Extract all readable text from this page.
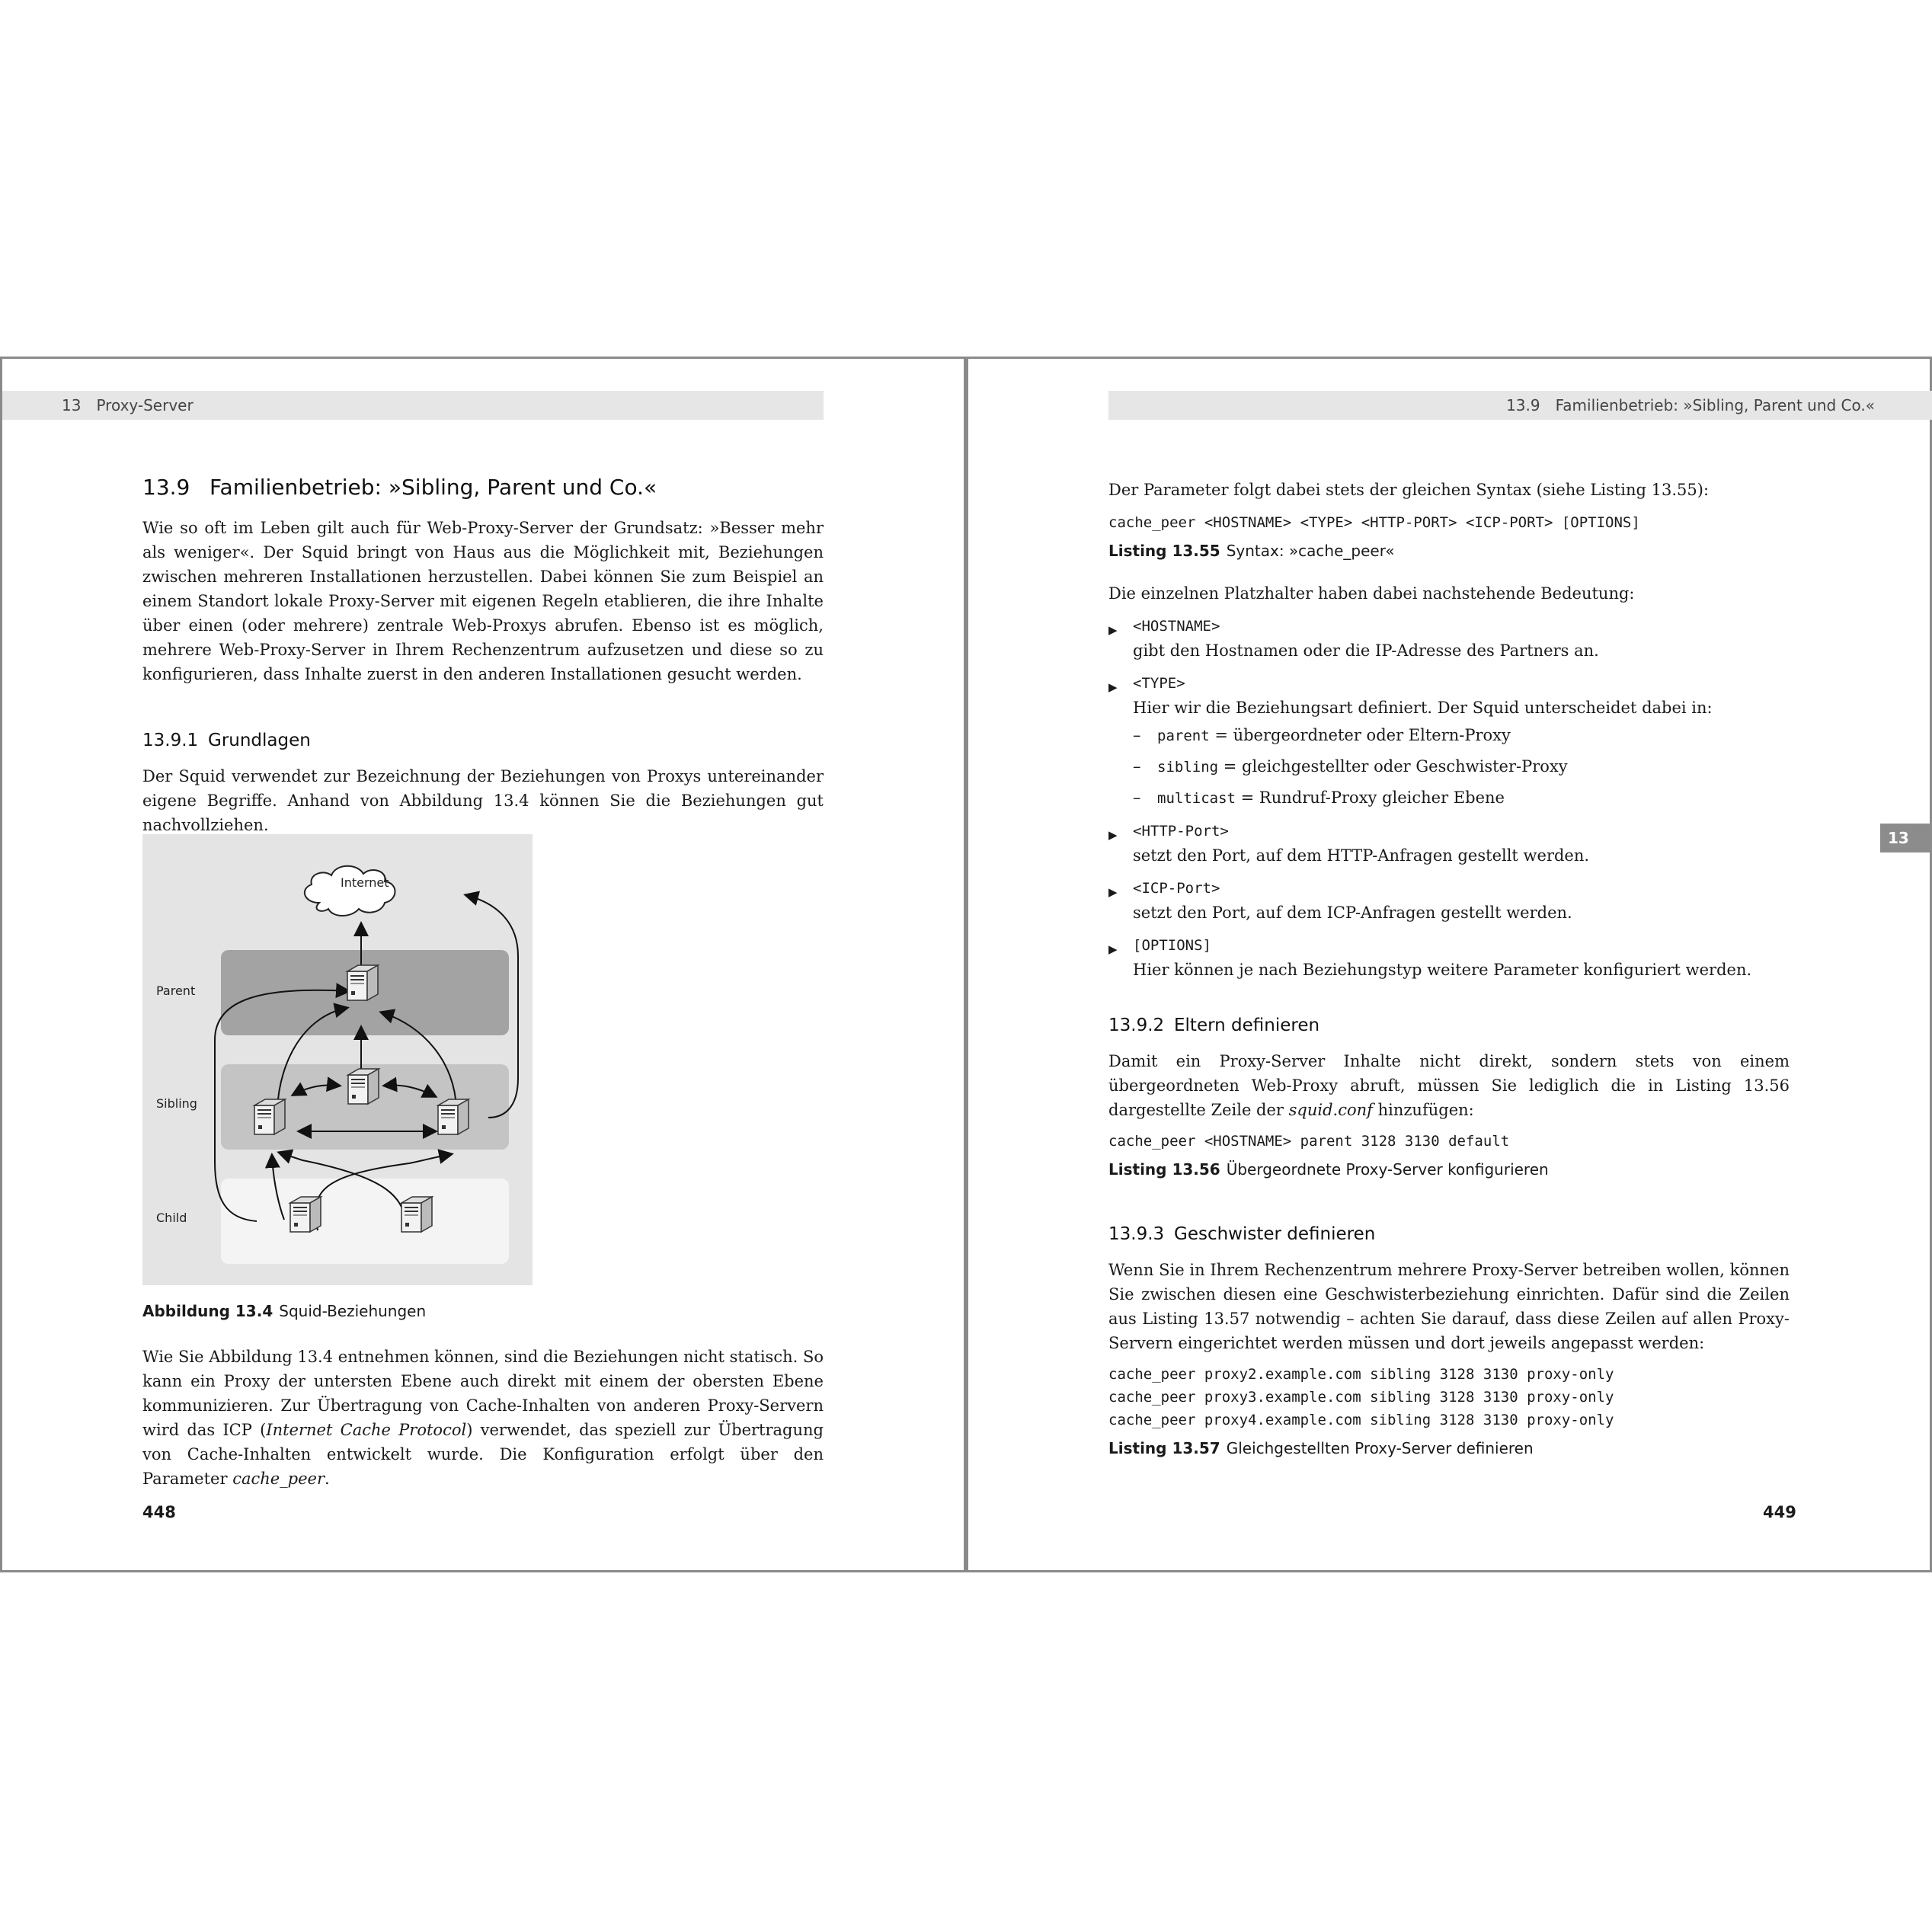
13 Proxy-Server
13.9 Familienbetrieb: »Sibling, Parent und Co.«

Wie so oft im Leben gilt auch für Web-Proxy-Server der Grundsatz: »Besser mehr als weniger«. Der Squid bringt von Haus aus die Möglichkeit mit, Beziehungen zwischen mehreren Installationen herzustellen. Dabei können Sie zum Beispiel an einem Standort lokale Proxy-Server mit eigenen Regeln etablieren, die ihre Inhalte über einen (oder mehrere) zentrale Web-Proxys abrufen. Ebenso ist es möglich, mehrere Web-Proxy-Server in Ihrem Rechenzentrum aufzusetzen und diese so zu konfigurieren, dass Inhalte zuerst in den anderen Installationen gesucht werden.

13.9.1 Grundlagen

Der Squid verwendet zur Bezeichnung der Beziehungen von Proxys untereinander eigene Begriffe. Anhand von Abbildung 13.4 können Sie die Beziehungen gut nachvollziehen.

Internet
Parent
Sibling
Child
Abbildung 13.4 Squid-Beziehungen

Wie Sie Abbildung 13.4 entnehmen können, sind die Beziehungen nicht statisch. So kann ein Proxy der untersten Ebene auch direkt mit einem der obersten Ebene kommunizieren. Zur Übertragung von Cache-Inhalten von anderen Proxy-Servern wird das ICP (Internet Cache Protocol) verwendet, das speziell zur Übertragung von Cache-Inhalten entwickelt wurde. Die Konfiguration erfolgt über den Parameter cache_peer.

448
13.9 Familienbetrieb: »Sibling, Parent und Co.«

Der Parameter folgt dabei stets der gleichen Syntax (siehe Listing 13.55):

cache_peer <HOSTNAME> <TYPE> <HTTP-PORT> <ICP-PORT> [OPTIONS]
Listing 13.55 Syntax: »cache_peer«

Die einzelnen Platzhalter haben dabei nachstehende Bedeutung:

▶ <HOSTNAME>
gibt den Hostnamen oder die IP-Adresse des Partners an.
▶ <TYPE>
Hier wir die Beziehungsart definiert. Der Squid unterscheidet dabei in:
– parent = übergeordneter oder Eltern-Proxy
– sibling = gleichgestellter oder Geschwister-Proxy
– multicast = Rundruf-Proxy gleicher Ebene
▶ <HTTP-Port>
setzt den Port, auf dem HTTP-Anfragen gestellt werden.
▶ <ICP-Port>
setzt den Port, auf dem ICP-Anfragen gestellt werden.
▶ [OPTIONS]
Hier können je nach Beziehungstyp weitere Parameter konfiguriert werden.
13.9.2 Eltern definieren

Damit ein Proxy-Server Inhalte nicht direkt, sondern stets von einem übergeordneten Web-Proxy abruft, müssen Sie lediglich die in Listing 13.56 dargestellte Zeile der squid.conf hinzufügen:

cache_peer <HOSTNAME> parent 3128 3130 default
Listing 13.56 Übergeordnete Proxy-Server konfigurieren
13.9.3 Geschwister definieren

Wenn Sie in Ihrem Rechenzentrum mehrere Proxy-Server betreiben wollen, können Sie zwischen diesen eine Geschwisterbeziehung einrichten. Dafür sind die Zeilen aus Listing 13.57 notwendig – achten Sie darauf, dass diese Zeilen auf allen Proxy-Servern eingerichtet werden müssen und dort jeweils angepasst werden:

cache_peer proxy2.example.com sibling 3128 3130 proxy-only
cache_peer proxy3.example.com sibling 3128 3130 proxy-only
cache_peer proxy4.example.com sibling 3128 3130 proxy-only
Listing 13.57 Gleichgestellten Proxy-Server definieren
449
13
